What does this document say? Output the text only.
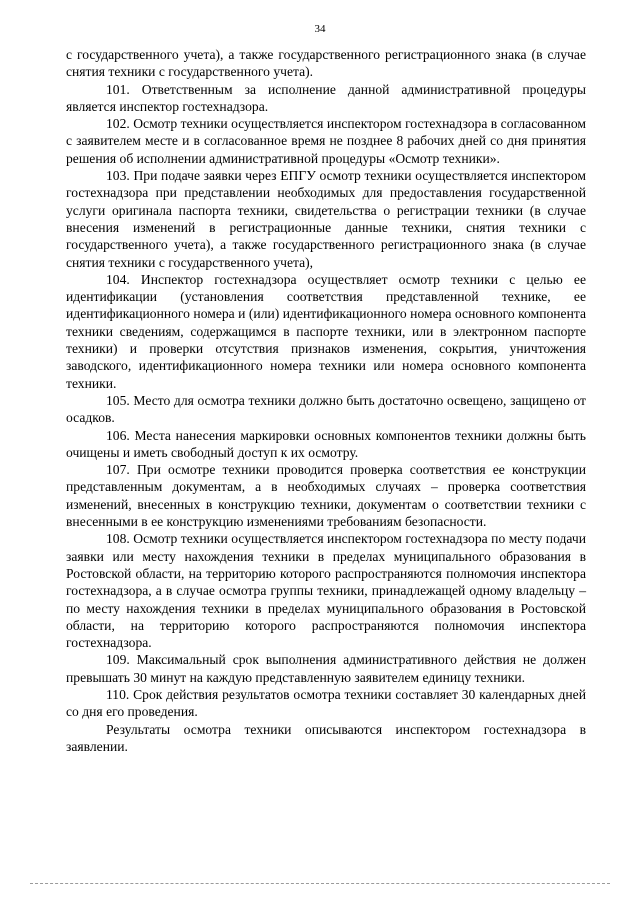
34

с государственного учета), а также государственного регистрационного знака (в случае снятия техники с государственного учета).

101. Ответственным за исполнение данной административной процедуры является инспектор гостехнадзора.

102. Осмотр техники осуществляется инспектором гостехнадзора в согласованном с заявителем месте и в согласованное время не позднее 8 рабочих дней со дня принятия решения об исполнении административной процедуры «Осмотр техники».

103. При подаче заявки через ЕПГУ осмотр техники осуществляется инспектором гостехнадзора при представлении необходимых для предоставления государственной услуги оригинала паспорта техники, свидетельства о регистрации техники (в случае внесения изменений в регистрационные данные техники, снятия техники с государственного учета), а также государственного регистрационного знака (в случае снятия техники с государственного учета),

104. Инспектор гостехнадзора осуществляет осмотр техники с целью ее идентификации (установления соответствия представленной технике, ее идентификационного номера и (или) идентификационного номера основного компонента техники сведениям, содержащимся в паспорте техники, или в электронном паспорте техники) и проверки отсутствия признаков изменения, сокрытия, уничтожения заводского, идентификационного номера техники или номера основного компонента техники.

105. Место для осмотра техники должно быть достаточно освещено, защищено от осадков.

106. Места нанесения маркировки основных компонентов техники должны быть очищены и иметь свободный доступ к их осмотру.

107. При осмотре техники проводится проверка соответствия ее конструкции представленным документам, а в необходимых случаях – проверка соответствия изменений, внесенных в конструкцию техники, документам о соответствии техники с внесенными в ее конструкцию изменениями требованиям безопасности.

108. Осмотр техники осуществляется инспектором гостехнадзора по месту подачи заявки или месту нахождения техники в пределах муниципального образования в Ростовской области, на территорию которого распространяются полномочия инспектора гостехнадзора, а в случае осмотра группы техники, принадлежащей одному владельцу – по месту нахождения техники в пределах муниципального образования в Ростовской области, на территорию которого распространяются полномочия инспектора гостехнадзора.

109. Максимальный срок выполнения административного действия не должен превышать 30 минут на каждую представленную заявителем единицу техники.

110. Срок действия результатов осмотра техники составляет 30 календарных дней со дня его проведения.

Результаты осмотра техники описываются инспектором гостехнадзора в заявлении.
